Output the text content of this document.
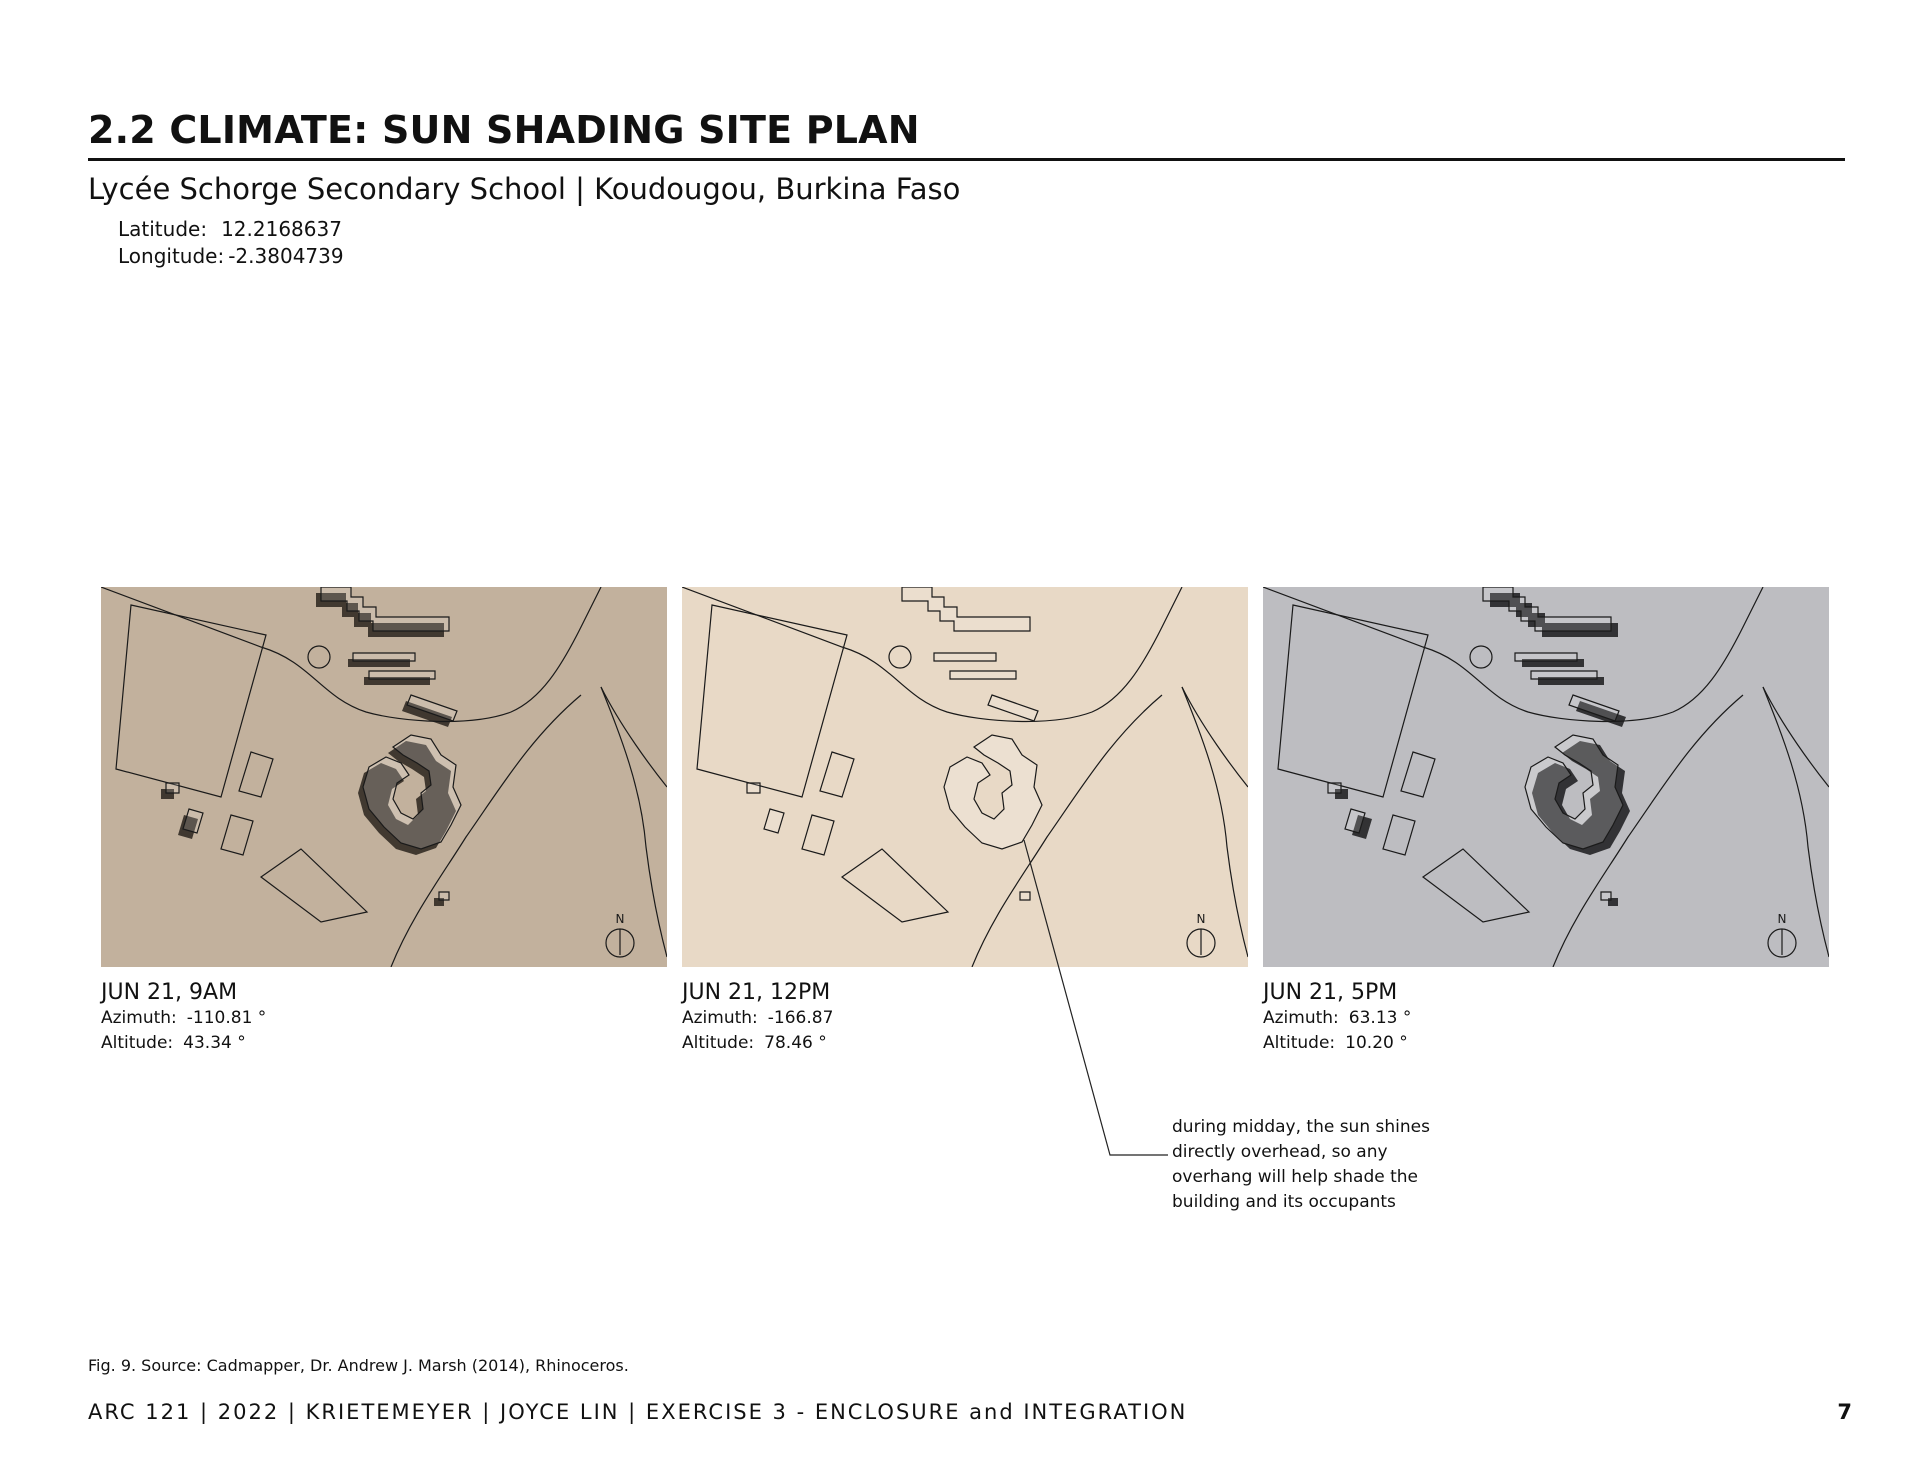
2.2 CLIMATE: SUN SHADING SITE PLAN
Lycée Schorge Secondary School | Koudougou, Burkina Faso
Latitude: 12.2168637
Longitude: -2.3804739
N	N	N
JUN 21, 9AM
Azimuth: -110.81 °
Altitude: 43.34 °
JUN 21, 12PM
Azimuth: -166.87
Altitude: 78.46 °
JUN 21, 5PM
Azimuth: 63.13 °
Altitude: 10.20 °
during midday, the sun shines directly overhead, so any overhang will help shade the building and its occupants
Fig. 9. Source: Cadmapper, Dr. Andrew J. Marsh (2014), Rhinoceros.
ARC 121 | 2022 | KRIETEMEYER | JOYCE LIN | EXERCISE 3 - ENCLOSURE and INTEGRATION	7
